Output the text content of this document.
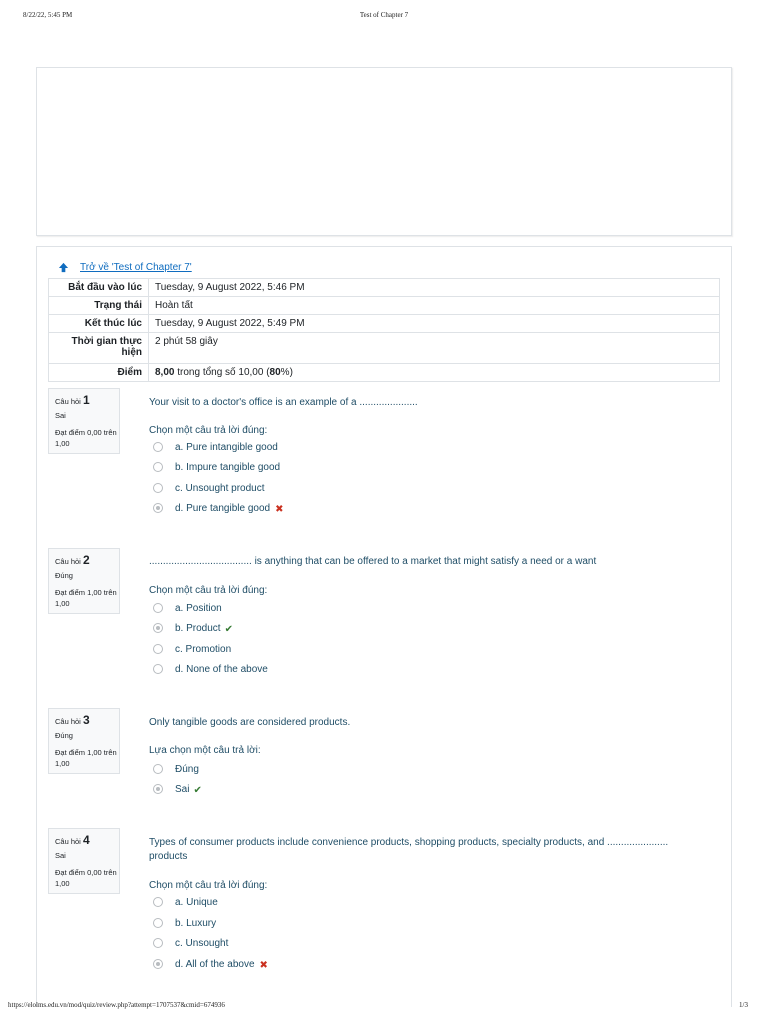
8/22/22, 5:45 PM	Test of Chapter 7
Trở về 'Test of Chapter 7'
Bắt đầu vào lúc	Tuesday, 9 August 2022, 5:46 PM
Trạng thái	Hoàn tất
Kết thúc lúc	Tuesday, 9 August 2022, 5:49 PM
Thời gian thực hiện	2 phút 58 giây
Điểm	8,00 trong tổng số 10,00 (80%)
Câu hỏi 1
Sai
Đạt điểm 0,00 trên 1,00
Your visit to a doctor's office is an example of a .....................
Chọn một câu trả lời đúng:
a. Pure intangible good
b. Impure tangible good
c. Unsought product
d. Pure tangible good ✖
Câu hỏi 2
Đúng
Đạt điểm 1,00 trên 1,00
..................................... is anything that can be offered to a market that might satisfy a need or a want
Chọn một câu trả lời đúng:
a. Position
b. Product ✔
c. Promotion
d. None of the above
Câu hỏi 3
Đúng
Đạt điểm 1,00 trên 1,00
Only tangible goods are considered products.
Lựa chọn một câu trả lời:
Đúng
Sai ✔
Câu hỏi 4
Sai
Đạt điểm 0,00 trên 1,00
Types of consumer products include convenience products, shopping products, specialty products, and ...................... products
Chọn một câu trả lời đúng:
a. Unique
b. Luxury
c. Unsought
d. All of the above ✖
https://elolms.edu.vn/mod/quiz/review.php?attempt=1707537&cmid=674936	1/3
